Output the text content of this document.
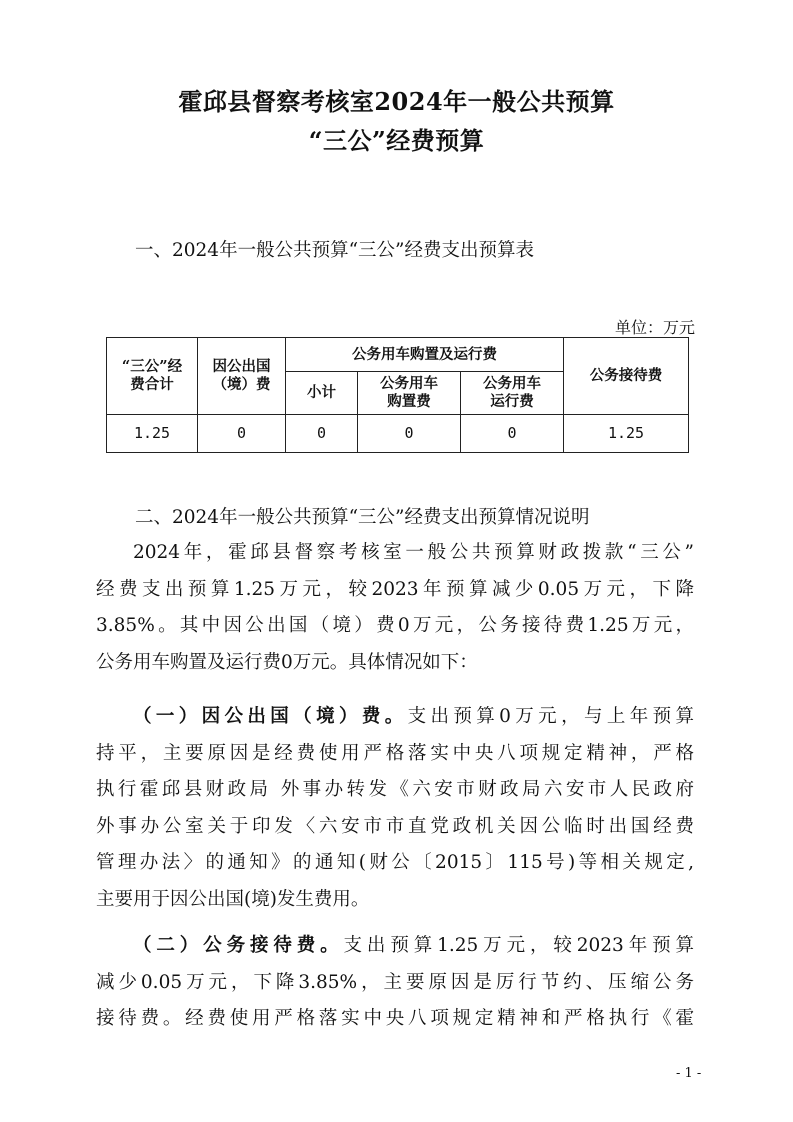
霍邱县督察考核室2024年一般公共预算
“三公”经费预算
一、2024年一般公共预算“三公”经费支出预算表
单位：万元
“三公”经费合计	因公出国（境）费	公务用车购置及运行费			公务接待费
		小计	公务用车购置费	公务用车运行费	
1.25	0	0	0	0	1.25
二、2024年一般公共预算“三公”经费支出预算情况说明
2024年，霍邱县督察考核室一般公共预算财政拨款“三公”
经费支出预算1.25万元，较2023年预算减少0.05万元，下降
3.85%。其中因公出国（境）费0万元，公务接待费1.25万元，
公务用车购置及运行费0万元。具体情况如下：
（一）因公出国（境）费。支出预算0万元，与上年预算
持平，主要原因是经费使用严格落实中央八项规定精神，严格
执行霍邱县财政局 外事办转发《六安市财政局六安市人民政府
外事办公室关于印发〈六安市市直党政机关因公临时出国经费
管理办法〉的通知》的通知(财公〔2015〕115号)等相关规定,
主要用于因公出国(境)发生费用。
（二）公务接待费。支出预算1.25万元，较2023年预算
减少0.05万元，下降3.85%，主要原因是厉行节约、压缩公务
接待费。经费使用严格落实中央八项规定精神和严格执行《霍
- 1 -
